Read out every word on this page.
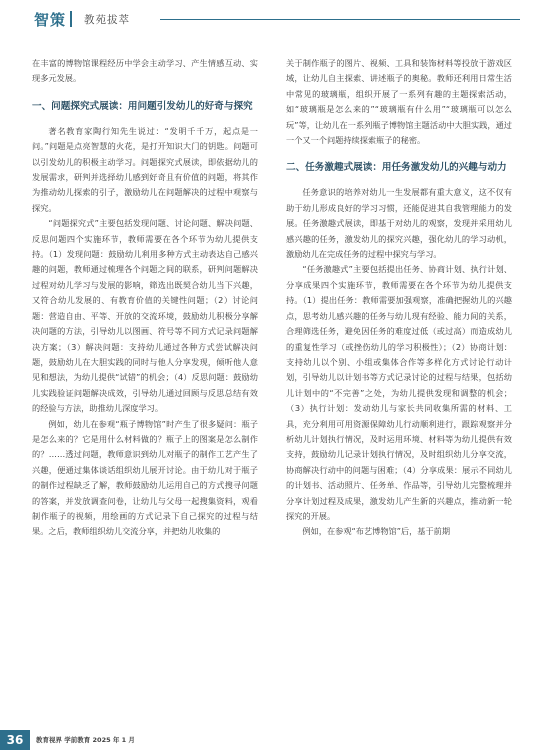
智策 教苑拔萃

在丰富的博物馆课程经历中学会主动学习、产生情感互动、实现多元发展。

一、问题探究式展读：用问题引发幼儿的好奇与探究

著名教育家陶行知先生说过：“发明千千万，起点是一问。”问题是点亮智慧的火花，是打开知识大门的钥匙。问题可以引发幼儿的积极主动学习。问题探究式展读，即依据幼儿的发展需求，研判并选择幼儿感到好奇且有价值的问题，将其作为推动幼儿探索的引子，激励幼儿在问题解决的过程中观察与探究。

“问题探究式”主要包括发现问题、讨论问题、解决问题、反思问题四个实施环节，教师需要在各个环节为幼儿提供支持。（1）发现问题：鼓励幼儿利用多种方式主动表达自己感兴趣的问题，教师通过梳理各个问题之间的联系，研判问题解决过程对幼儿学习与发展的影响，筛选出既契合幼儿当下兴趣，又符合幼儿发展的、有教育价值的关键性问题；（2）讨论问题：营造自由、平等、开放的交流环境，鼓励幼儿积极分享解决问题的方法，引导幼儿以图画、符号等不同方式记录问题解决方案；（3）解决问题：支持幼儿通过各种方式尝试解决问题，鼓励幼儿在大胆实践的同时与他人分享发现，倾听他人意见和想法，为幼儿提供“试错”的机会；（4）反思问题：鼓励幼儿实践验证问题解决成效，引导幼儿通过回顾与反思总结有效的经验与方法，助推幼儿深度学习。

例如，幼儿在参观“瓶子博物馆”时产生了很多疑问：瓶子是怎么来的？它是用什么材料做的？瓶子上的图案是怎么制作的？……透过问题，教师意识到幼儿对瓶子的制作工艺产生了兴趣，便通过集体谈话组织幼儿展开讨论。由于幼儿对于瓶子的制作过程缺乏了解，教师鼓励幼儿运用自己的方式搜寻问题的答案，并发放调查问卷，让幼儿与父母一起搜集资料，观看制作瓶子的视频，用绘画的方式记录下自己探究的过程与结果。之后，教师组织幼儿交流分享，并把幼儿收集的

关于制作瓶子的图片、视频、工具和装饰材料等投放于游戏区域，让幼儿自主探索、讲述瓶子的奥秘。教师还利用日常生活中常见的玻璃瓶，组织开展了一系列有趣的主题探索活动，如“玻璃瓶是怎么来的”“玻璃瓶有什么用”“玻璃瓶可以怎么玩”等，让幼儿在一系列瓶子博物馆主题活动中大胆实践，通过一个又一个问题持续探索瓶子的秘密。

二、任务激趣式展读：用任务激发幼儿的兴趣与动力

任务意识的培养对幼儿一生发展都有重大意义，这不仅有助于幼儿形成良好的学习习惯，还能促进其自我管理能力的发展。任务激趣式展读，即基于对幼儿的观察，发现并采用幼儿感兴趣的任务，激发幼儿的探究兴趣，强化幼儿的学习动机，激励幼儿在完成任务的过程中探究与学习。

“任务激趣式”主要包括提出任务、协商计划、执行计划、分享成果四个实施环节，教师需要在各个环节为幼儿提供支持。（1）提出任务：教师需要加强观察，准确把握幼儿的兴趣点，思考幼儿感兴趣的任务与幼儿现有经验、能力间的关系，合理筛选任务，避免因任务的难度过低（或过高）而造成幼儿的重复性学习（或挫伤幼儿的学习积极性）；（2）协商计划：支持幼儿以个别、小组或集体合作等多样化方式讨论行动计划，引导幼儿以计划书等方式记录讨论的过程与结果，包括幼儿计划中的“不完善”之处，为幼儿提供发现和调整的机会；（3）执行计划：发动幼儿与家长共同收集所需的材料、工具，充分利用可用资源保障幼儿行动顺利进行，跟踪观察并分析幼儿计划执行情况，及时运用环境、材料等为幼儿提供有效支持，鼓励幼儿记录计划执行情况，及时组织幼儿分享交流，协商解决行动中的问题与困难；（4）分享成果：展示不同幼儿的计划书、活动照片、任务单、作品等，引导幼儿完整梳理并分享计划过程及成果，激发幼儿产生新的兴趣点，推动新一轮探究的开展。

例如，在参观“布艺博物馆”后，基于前期

36	教育视界 学前教育 2025 年 1 月
